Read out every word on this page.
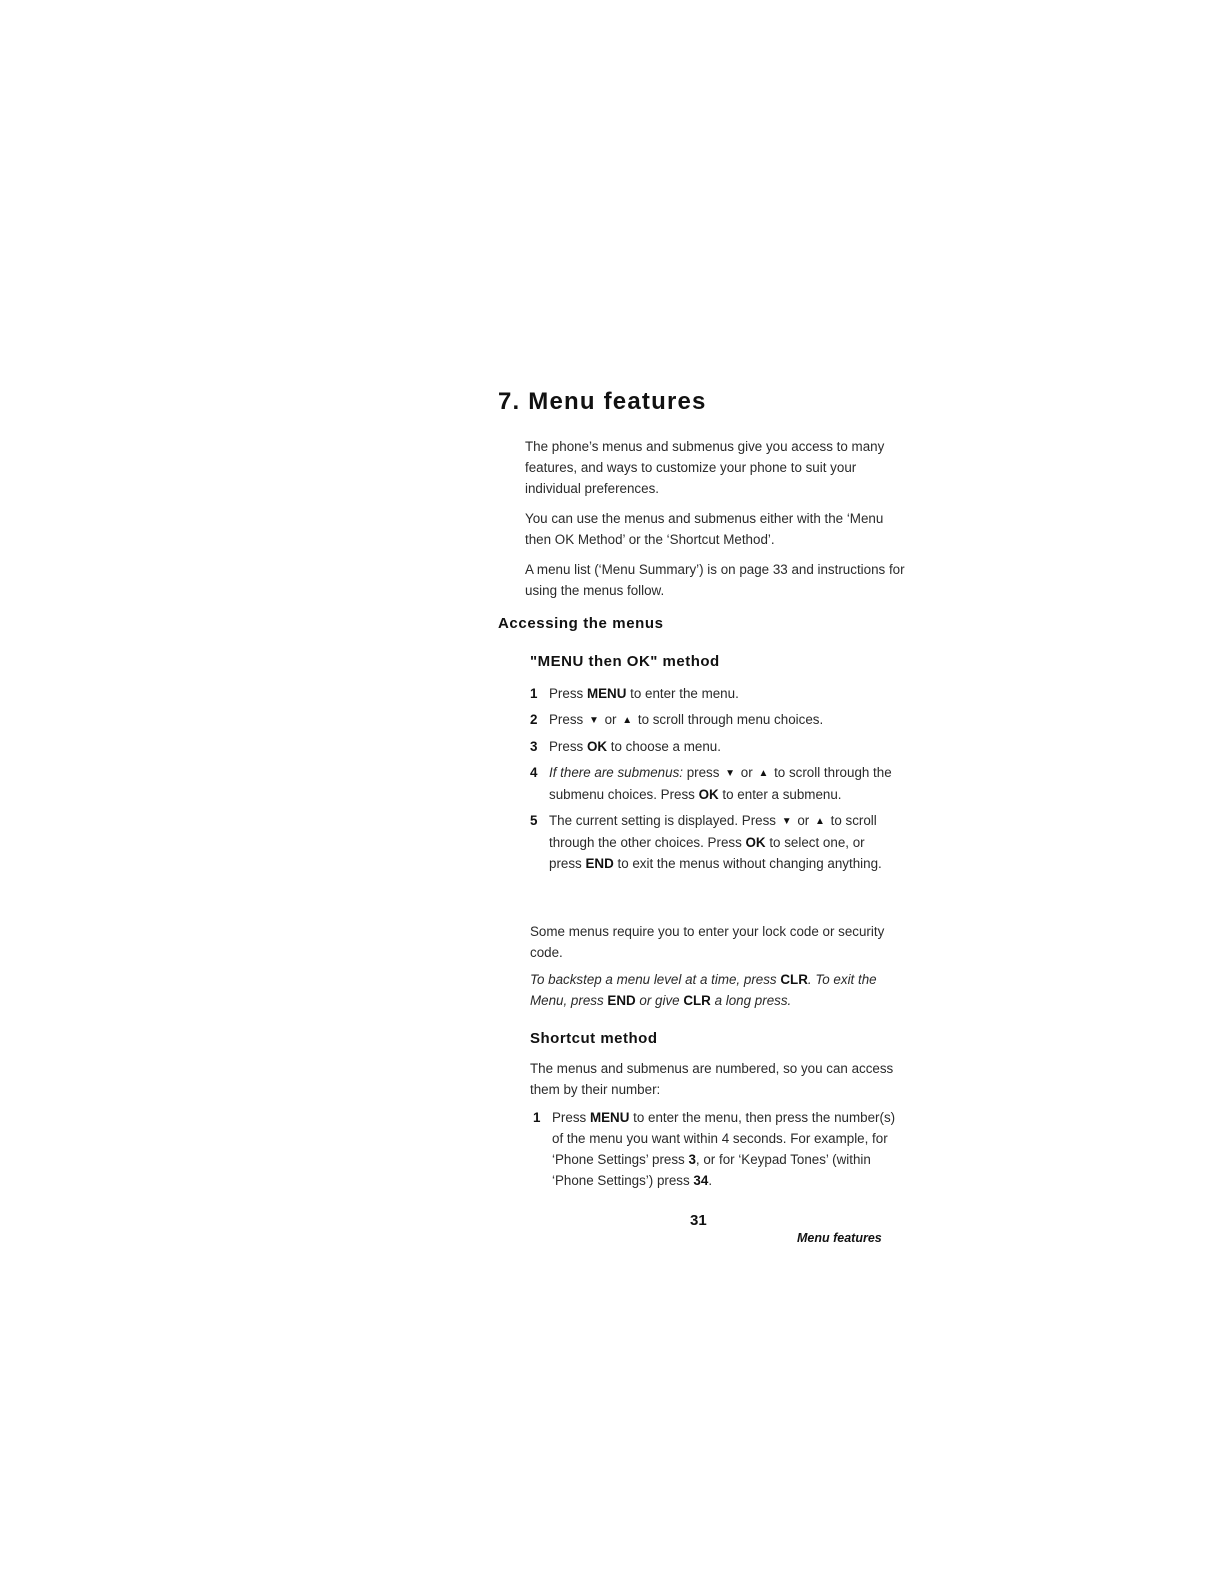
7. Menu features

The phone’s menus and submenus give you access to many features, and ways to customize your phone to suit your individual preferences.

You can use the menus and submenus either with the ‘Menu then OK Method’ or the ‘Shortcut Method’.

A menu list (‘Menu Summary’) is on page 33 and instructions for using the menus follow.

Accessing the menus
"MENU then OK" method
1 Press MENU to enter the menu.
2 Press ▼ or ▲ to scroll through menu choices.
3 Press OK to choose a menu.
4 If there are submenus: press ▼ or ▲ to scroll through the submenu choices. Press OK to enter a submenu.
5 The current setting is displayed. Press ▼ or ▲ to scroll through the other choices. Press OK to select one, or press END to exit the menus without changing anything.

Some menus require you to enter your lock code or security code.

To backstep a menu level at a time, press CLR. To exit the Menu, press END or give CLR a long press.

Shortcut method

The menus and submenus are numbered, so you can access them by their number:

1 Press MENU to enter the menu, then press the number(s) of the menu you want within 4 seconds. For example, for ‘Phone Settings’ press 3, or for ‘Keypad Tones’ (within ‘Phone Settings’) press 34.
31
Menu features
